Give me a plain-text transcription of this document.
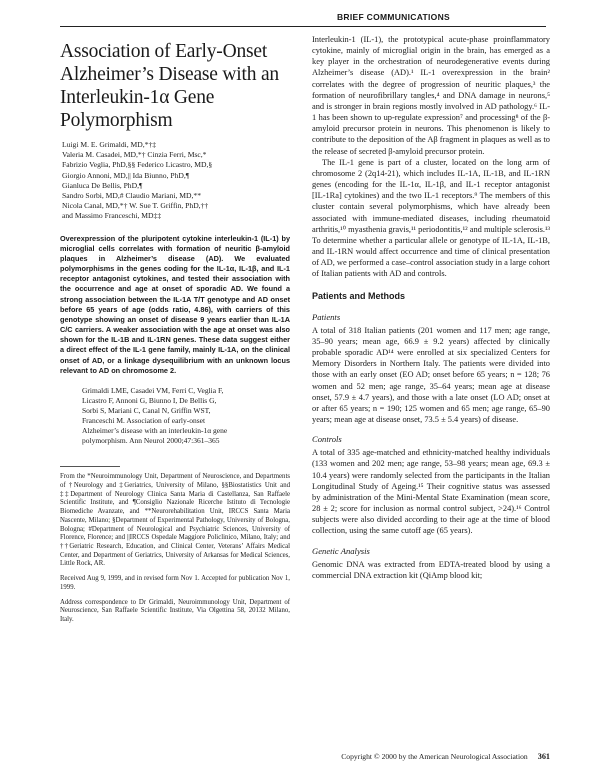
BRIEF COMMUNICATIONS
Association of Early-Onset
Alzheimer’s Disease with an
Interleukin-1α Gene
Polymorphism
Luigi M. E. Grimaldi, MD,*†‡
Valeria M. Casadei, MD,*† Cinzia Ferri, Msc,*
Fabrizio Veglia, PhD,§§ Federico Licastro, MD,§
Giorgio Annoni, MD,|| Ida Biunno, PhD,¶
Gianluca De Bellis, PhD,¶
Sandro Sorbi, MD,# Claudio Mariani, MD,**
Nicola Canal, MD,*† W. Sue T. Griffin, PhD,††
and Massimo Franceschi, MD‡‡
Overexpression of the pluripotent cytokine interleukin-1 (IL-1) by microglial cells correlates with formation of neuritic β-amyloid plaques in Alzheimer’s disease (AD). We evaluated polymorphisms in the genes coding for the IL-1α, IL-1β, and IL-1 receptor antagonist cytokines, and tested their association with the occurrence and age at onset of sporadic AD. We found a strong association between the IL-1A T/T genotype and AD onset before 65 years of age (odds ratio, 4.86), with carriers of this genotype showing an onset of disease 9 years earlier than IL-1A C/C carriers. A weaker association with the age at onset was also shown for the IL-1B and IL-1RN genes. These data suggest either a direct effect of the IL-1 gene family, mainly IL-1A, on the clinical onset of AD, or a linkage dysequilibrium with an unknown locus relevant to AD on chromosome 2.
Grimaldi LME, Casadei VM, Ferri C, Veglia F,
Licastro F, Annoni G, Biunno I, De Bellis G,
Sorbi S, Mariani C, Canal N, Griffin WST,
Franceschi M. Association of early-onset
Alzheimer’s disease with an interleukin-1α gene
polymorphism. Ann Neurol 2000;47:361–365
From the *Neuroimmunology Unit, Department of Neuroscience, and Departments of †Neurology and ‡Geriatrics, University of Milano, §§Biostatistics Unit and ‡‡Department of Neurology Clinica Santa Maria di Castellanza, San Raffaele Scientific Institute, and ¶Consiglio Nazionale Ricerche Istituto di Tecnologie Biomediche Avanzate, and **Neurorehabilitation Unit, IRCCS Santa Maria Nascente, Milano; §Department of Experimental Pathology, University of Bologna, Bologna; #Department of Neurological and Psychiatric Sciences, University of Florence, Florence; and ||IRCCS Ospedale Maggiore Policlinico, Milano, Italy; and ††Geriatric Research, Education, and Clinical Center, Veterans’ Affairs Medical Center, and Department of Geriatrics, University of Arkansas for Medical Sciences, Little Rock, AR.
Received Aug 9, 1999, and in revised form Nov 1. Accepted for publication Nov 1, 1999.
Address correspondence to Dr Grimaldi, Neuroimmunology Unit, Department of Neuroscience, San Raffaele Scientific Institute, Via Olgettina 58, 20132 Milano, Italy.

Interleukin-1 (IL-1), the prototypical acute-phase proinflammatory cytokine, mainly of microglial origin in the brain, has emerged as a key player in the orchestration of neurodegenerative events during Alzheimer’s disease (AD).¹ IL-1 overexpression in the brain² correlates with the degree of progression of neuritic plaques,³ the formation of neurofibrillary tangles,⁴ and DNA damage in neurons,⁵ and is stronger in brain regions mostly involved in AD pathology.⁶ IL-1 has been shown to up-regulate expression⁷ and processing⁸ of the β-amyloid precursor protein in neurons. This phenomenon is likely to contribute to the deposition of the Aβ fragment in plaques as well as to the release of secreted β-amyloid precursor protein.

The IL-1 gene is part of a cluster, located on the long arm of chromosome 2 (2q14-21), which includes IL-1A, IL-1B, and IL-1RN genes (encoding for the IL-1α, IL-1β, and IL-1 receptor antagonist [IL-1Ra] cytokines) and the two IL-1 receptors.⁹ The members of this cluster contain several polymorphisms, which have already been associated with immune-mediated diseases, including rheumatoid arthritis,¹⁰ myasthenia gravis,¹¹ periodontitis,¹² and multiple sclerosis.¹³ To determine whether a particular allele or genotype of IL-1A, IL-1B, and IL-1RN would affect occurrence and time of clinical presentation of AD, we performed a case–control association study in a large cohort of Italian patients with AD and controls.

Patients and Methods
Patients

A total of 318 Italian patients (201 women and 117 men; age range, 35–90 years; mean age, 66.9 ± 9.2 years) affected by clinically probable sporadic AD¹⁴ were enrolled at six specialized Centers for Memory Disorders in Northern Italy. The patients were divided into those with an early onset (EO AD; onset before 65 years; n = 128; 76 women and 52 men; age range, 35–64 years; mean age at disease onset, 57.9 ± 4.7 years), and those with a late onset (LO AD; onset at or after 65 years; n = 190; 125 women and 65 men; age range, 65–90 years; mean age at disease onset, 73.5 ± 5.4 years) of disease.

Controls

A total of 335 age-matched and ethnicity-matched healthy individuals (133 women and 202 men; age range, 53–98 years; mean age, 69.3 ± 10.4 years) were randomly selected from the participants in the Italian Longitudinal Study of Ageing.¹⁵ Their cognitive status was assessed by administration of the Mini-Mental State Examination (mean score, 28 ± 2; score for inclusion as normal control subject, >24).¹⁶ Control subjects were also divided according to their age at the time of blood collection, using the same cutoff age (65 years).

Genetic Analysis

Genomic DNA was extracted from EDTA-treated blood by using a commercial DNA extraction kit (QiAmp blood kit;

Copyright © 2000 by the American Neurological Association 361
